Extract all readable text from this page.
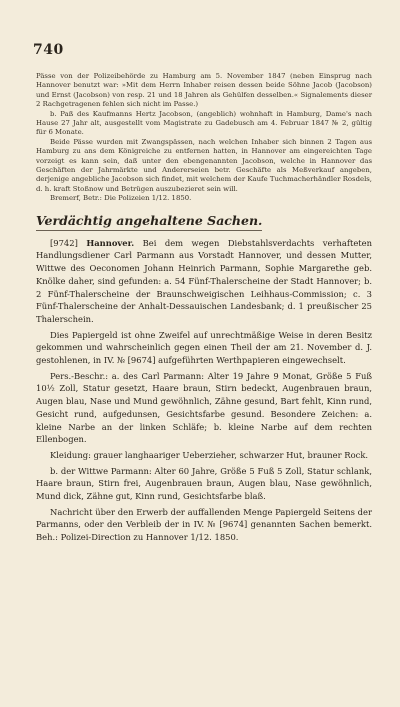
740

Pässe von der Polizeibehörde zu Hamburg am 5. November 1847 (neben Einsprug nach Hannover benutzt war: »Mit dem Herrn Inhaber reisen dessen beide Söhne Jacob (Jacobson) und Ernst (Jacobson) von resp. 21 und 18 Jahren als Gehülfen desselben.« Signalements dieser 2 Rachgetragenen fehlen sich nicht im Passe.)

b. Paß des Kaufmanns Hertz Jacobson, (angeblich) wohnhaft in Hamburg, Dame's nach Hause 27 Jahr alt, ausgestellt vom Magistrate zu Gadebusch am 4. Februar 1847 № 2, gültig für 6 Monate.

Beide Pässe wurden mit Zwangspässen, nach welchen Inhaber sich binnen 2 Tagen aus Hamburg zu ans dem Königreiche zu entfernen hatten, in Hannover am eingereichten Tage vorzeigt es kann sein, daß unter den ebengenannten Jacobson, welche in Hannover das Geschäften der Jahrmärkte und Andererseien betr. Geschäfte als Meßverkauf angeben, derjenige angebliche Jacobson sich findet, mit welchem der Kaufe Tuchmacherhändler Rosdels, d. h. kraft Stoßnow und Betrügen auszubezieret sein will.

Bremerf, Betr.: Die Polizeien 1/12. 1850.

Verdächtig angehaltene Sachen.

[9742] Hannover. Bei dem wegen Diebstahlsverdachts verhafteten Handlungsdiener Carl Parmann aus Vorstadt Hannover, und dessen Mutter, Wittwe des Oeconomen Johann Heinrich Parmann, Sophie Margarethe geb. Knölke daher, sind gefunden: a. 54 Fünf-Thalerscheine der Stadt Hannover; b. 2 Fünf-Thalerscheine der Braunschweigischen Leihhaus-Commission; c. 3 Fünf-Thalerscheine der Anhalt-Dessauischen Landesbank; d. 1 preußischer 25 Thalerschein.

Dies Papiergeld ist ohne Zweifel auf unrechtmäßige Weise in deren Besitz gekommen und wahrscheinlich gegen einen Theil der am 21. November d. J. gestohlenen, in IV. № [9674] aufgeführten Werthpapieren eingewechselt.

Pers.-Beschr.: a. des Carl Parmann: Alter 19 Jahre 9 Monat, Größe 5 Fuß 10½ Zoll, Statur gesetzt, Haare braun, Stirn bedeckt, Augenbrauen braun, Augen blau, Nase und Mund gewöhnlich, Zähne gesund, Bart fehlt, Kinn rund, Gesicht rund, aufgedunsen, Gesichtsfarbe gesund. Besondere Zeichen: a. kleine Narbe an der linken Schläfe; b. kleine Narbe auf dem rechten Ellenbogen.

Kleidung: grauer langhaariger Ueberzieher, schwarzer Hut, brauner Rock.

b. der Wittwe Parmann: Alter 60 Jahre, Größe 5 Fuß 5 Zoll, Statur schlank, Haare braun, Stirn frei, Augenbrauen braun, Augen blau, Nase gewöhnlich, Mund dick, Zähne gut, Kinn rund, Gesichtsfarbe blaß.

Nachricht über den Erwerb der auffallenden Menge Papiergeld Seitens der Parmanns, oder den Verbleib der in IV. № [9674] genannten Sachen bemerkt. Beh.: Polizei-Direction zu Hannover 1/12. 1850.
